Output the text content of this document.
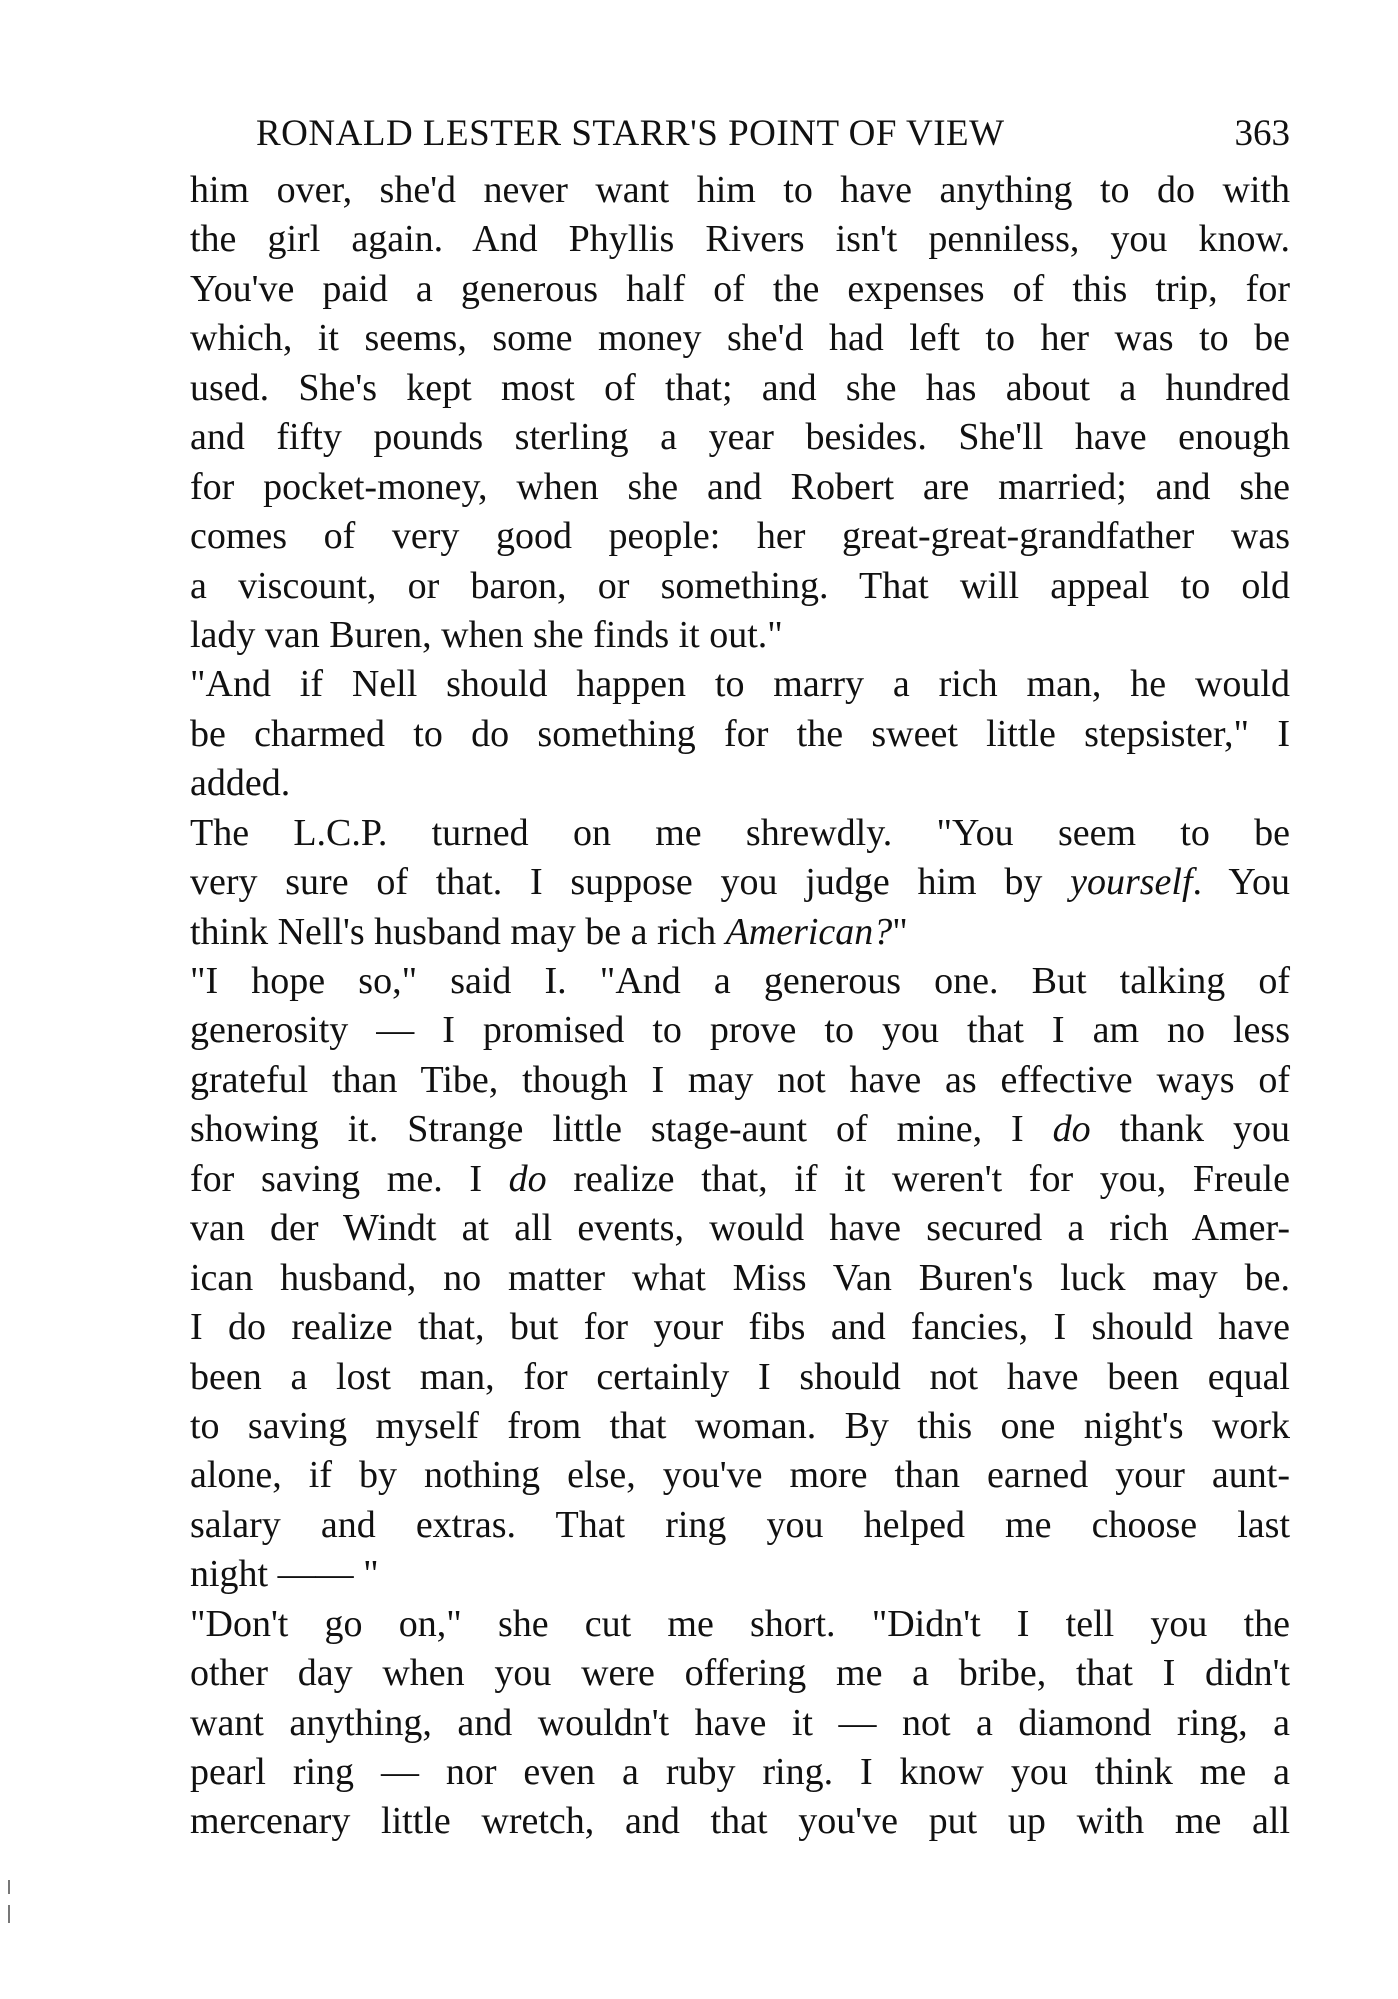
RONALD LESTER STARR'S POINT OF VIEW	363
him over, she'd never want him to have anything to do with
the girl again. And Phyllis Rivers isn't penniless, you know.
You've paid a generous half of the expenses of this trip, for
which, it seems, some money she'd had left to her was to be
used. She's kept most of that; and she has about a hundred
and fifty pounds sterling a year besides. She'll have enough
for pocket-money, when she and Robert are married; and she
comes of very good people: her great-great-grandfather was
a viscount, or baron, or something. That will appeal to old
lady van Buren, when she finds it out."
"And if Nell should happen to marry a rich man, he would
be charmed to do something for the sweet little stepsister," I
added.
The L.C.P. turned on me shrewdly. "You seem to be
very sure of that. I suppose you judge him by yourself. You
think Nell's husband may be a rich American?"
"I hope so," said I. "And a generous one. But talking of
generosity — I promised to prove to you that I am no less
grateful than Tibe, though I may not have as effective ways of
showing it. Strange little stage-aunt of mine, I do thank you
for saving me. I do realize that, if it weren't for you, Freule
van der Windt at all events, would have secured a rich Amer-
ican husband, no matter what Miss Van Buren's luck may be.
I do realize that, but for your fibs and fancies, I should have
been a lost man, for certainly I should not have been equal
to saving myself from that woman. By this one night's work
alone, if by nothing else, you've more than earned your aunt-
salary and extras. That ring you helped me choose last
night —— "
"Don't go on," she cut me short. "Didn't I tell you the
other day when you were offering me a bribe, that I didn't
want anything, and wouldn't have it — not a diamond ring, a
pearl ring — nor even a ruby ring. I know you think me a
mercenary little wretch, and that you've put up with me all
